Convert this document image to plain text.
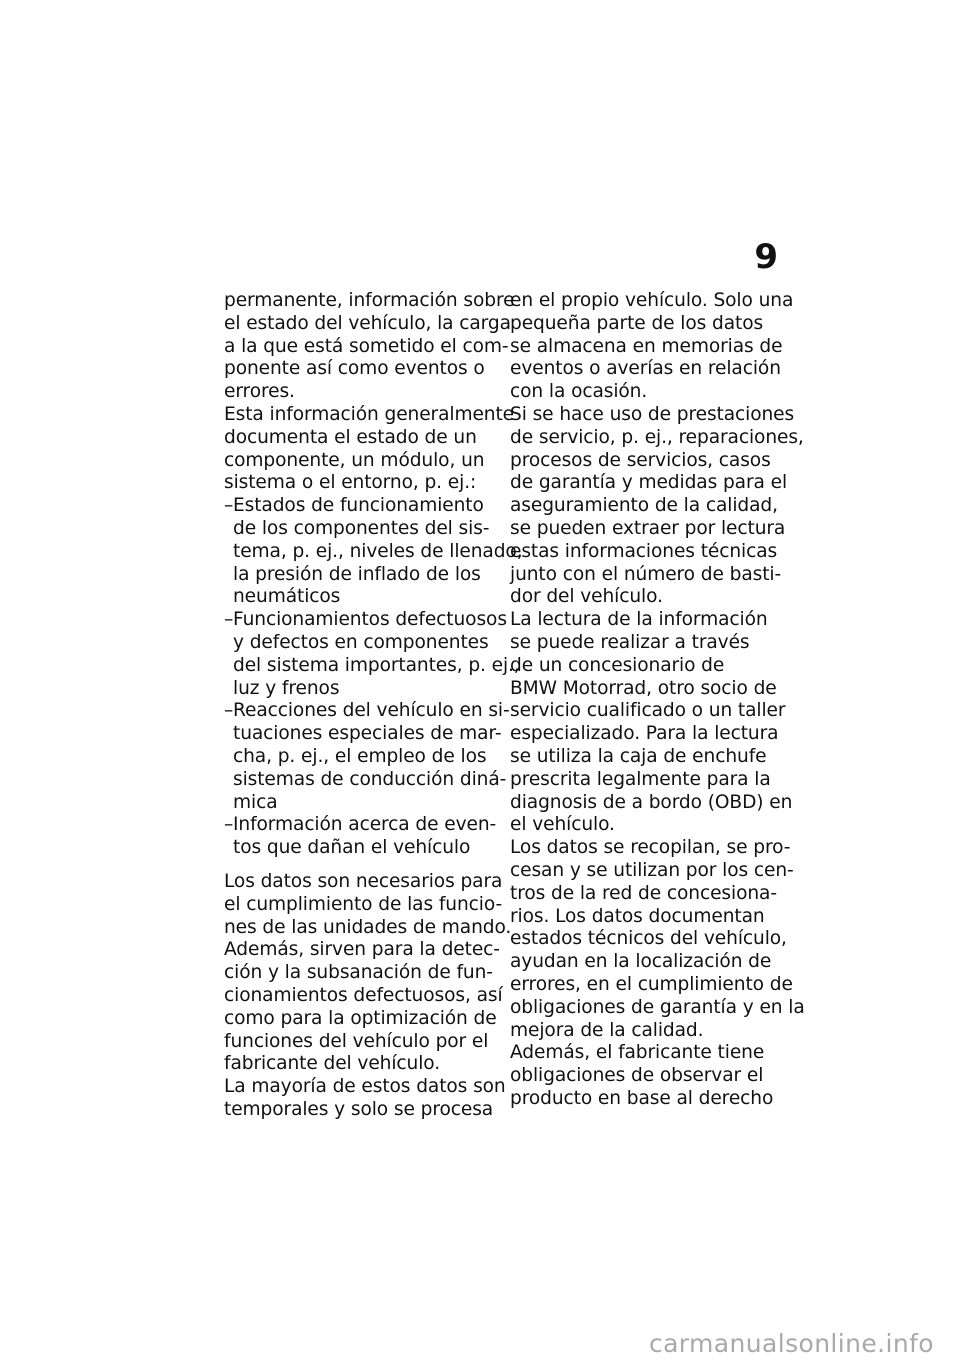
9
permanente, información sobre
el estado del vehículo, la carga
a la que está sometido el com-
ponente así como eventos o
errores.
Esta información generalmente
documenta el estado de un
componente, un módulo, un
sistema o el entorno, p. ej.:
– Estados de funcionamiento
de los componentes del sis-
tema, p. ej., niveles de llenado,
la presión de inflado de los
neumáticos
– Funcionamientos defectuosos
y defectos en componentes
del sistema importantes, p. ej.,
luz y frenos
– Reacciones del vehículo en si-
tuaciones especiales de mar-
cha, p. ej., el empleo de los
sistemas de conducción diná-
mica
– Información acerca de even-
tos que dañan el vehículo
Los datos son necesarios para
el cumplimiento de las funcio-
nes de las unidades de mando.
Además, sirven para la detec-
ción y la subsanación de fun-
cionamientos defectuosos, así
como para la optimización de
funciones del vehículo por el
fabricante del vehículo.
La mayoría de estos datos son
temporales y solo se procesa
en el propio vehículo. Solo una
pequeña parte de los datos
se almacena en memorias de
eventos o averías en relación
con la ocasión.
Si se hace uso de prestaciones
de servicio, p. ej., reparaciones,
procesos de servicios, casos
de garantía y medidas para el
aseguramiento de la calidad,
se pueden extraer por lectura
estas informaciones técnicas
junto con el número de basti-
dor del vehículo.
La lectura de la información
se puede realizar a través
de un concesionario de
BMW Motorrad, otro socio de
servicio cualificado o un taller
especializado. Para la lectura
se utiliza la caja de enchufe
prescrita legalmente para la
diagnosis de a bordo (OBD) en
el vehículo.
Los datos se recopilan, se pro-
cesan y se utilizan por los cen-
tros de la red de concesiona-
rios. Los datos documentan
estados técnicos del vehículo,
ayudan en la localización de
errores, en el cumplimiento de
obligaciones de garantía y en la
mejora de la calidad.
Además, el fabricante tiene
obligaciones de observar el
producto en base al derecho
carmanualsonline.info
